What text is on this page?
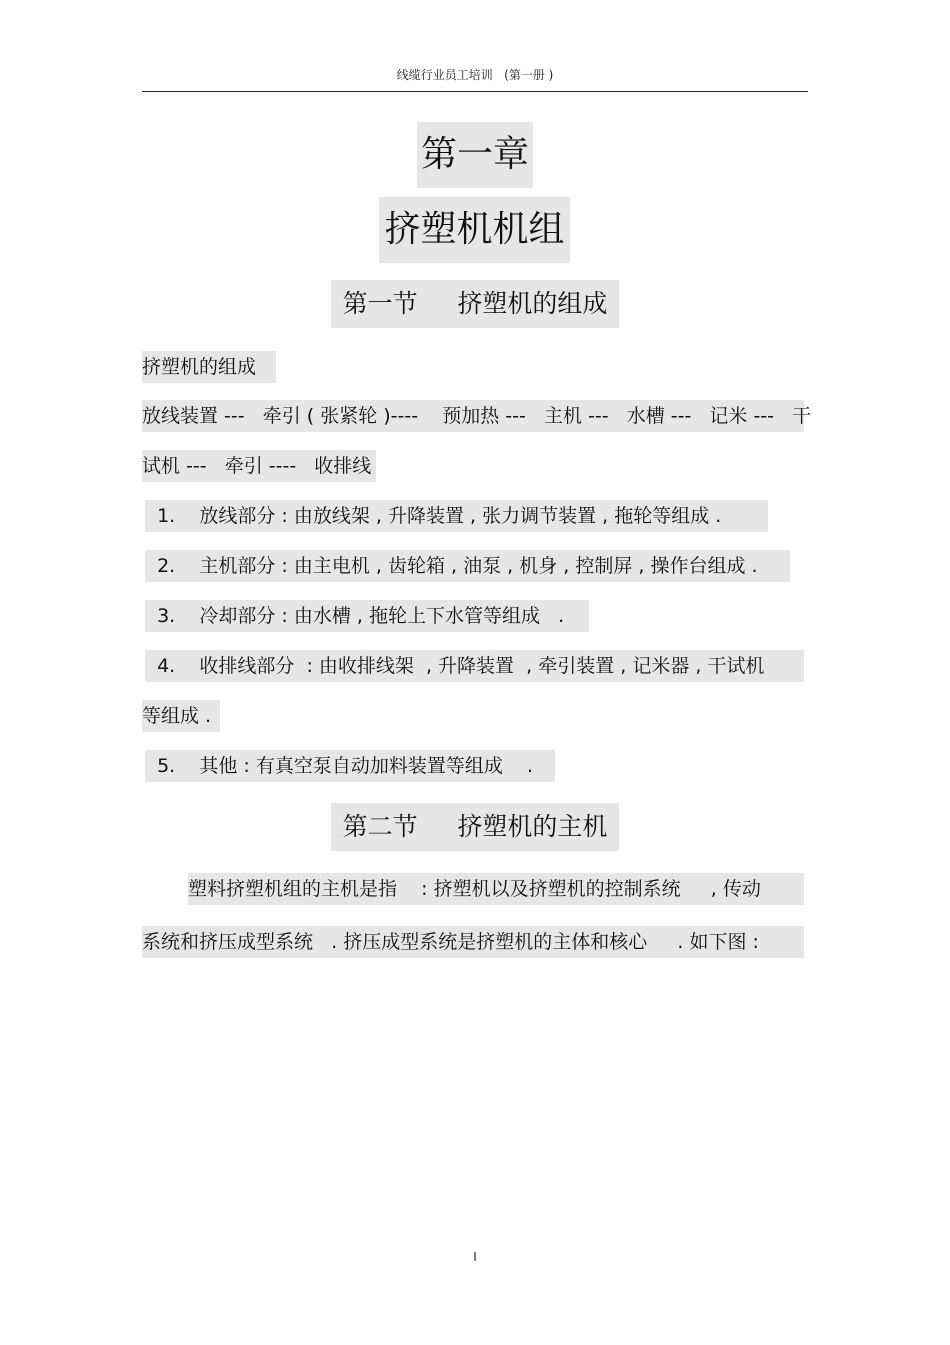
线缆行业员工培训   (第一册 )
第一章
挤塑机机组
第一节     挤塑机的组成
挤塑机的组成
放线装置 ---   牵引 ( 张紧轮 )----    预加热 ---   主机 ---   水槽 ---   记米 ---   干
试机 ---   牵引 ----   收排线
1.    放线部分 : 由放线架 , 升降装置 , 张力调节装置 , 拖轮等组成 .
2.    主机部分 : 由主电机 , 齿轮箱 , 油泵 , 机身 , 控制屏 , 操作台组成 .
3.    冷却部分 : 由水槽 , 拖轮上下水管等组成   .
4.    收排线部分  : 由收排线架  , 升降装置  , 牵引装置 , 记米器 , 干试机
等组成 .
5.    其他 : 有真空泵自动加料装置等组成    .
第二节     挤塑机的主机
塑料挤塑机组的主机是指    : 挤塑机以及挤塑机的控制系统     , 传动
系统和挤压成型系统   . 挤压成型系统是挤塑机的主体和核心     . 如下图 :
I
